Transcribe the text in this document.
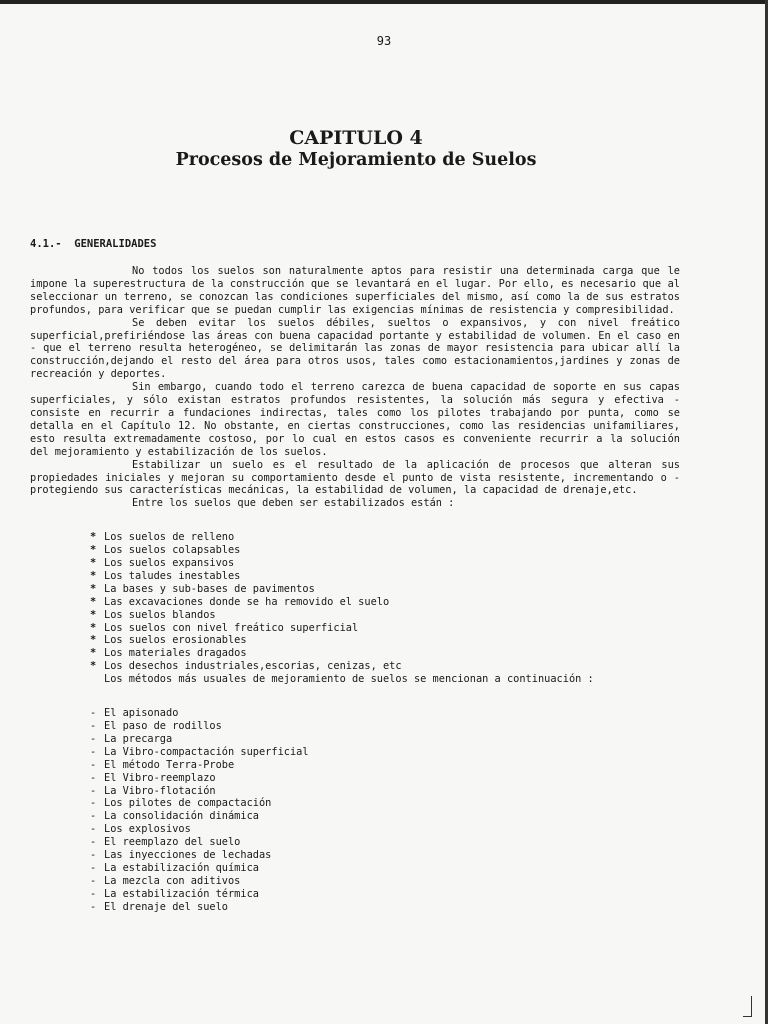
93
CAPITULO 4
Procesos de Mejoramiento de Suelos
4.1.-  GENERALIDADES

No todos los suelos son naturalmente aptos para resistir una determinada carga que le impone la superestructura de la construcción que se levantará en el lugar. Por ello, es necesario que al seleccionar un terreno, se conozcan las condiciones superficiales del mismo, así como la de sus estratos profundos, para verificar que se puedan cumplir las exigencias mínimas de resistencia y compresibilidad.

Se deben evitar los suelos débiles, sueltos o expansivos, y con nivel freático superficial,prefiriéndose las áreas con buena capacidad portante y estabilidad de volumen. En el caso en - que el terreno resulta heterogéneo, se delimitarán las zonas de mayor resistencia para ubicar allí la construcción,dejando el resto del área para otros usos, tales como estacionamientos,jardines y zonas de recreación y deportes.

Sin embargo, cuando todo el terreno carezca de buena capacidad de soporte en sus capas superficiales, y sólo existan estratos profundos resistentes, la solución más segura y efectiva - consiste en recurrir a fundaciones indirectas, tales como los pilotes trabajando por punta, como se detalla en el Capítulo 12. No obstante, en ciertas construcciones, como las residencias unifamiliares, esto resulta extremadamente costoso, por lo cual en estos casos es conveniente recurrir a la solución del mejoramiento y estabilización de los suelos.

Estabilizar un suelo es el resultado de la aplicación de procesos que alteran sus propiedades iniciales y mejoran su comportamiento desde el punto de vista resistente, incrementando o - protegiendo sus características mecánicas, la estabilidad de volumen, la capacidad de drenaje,etc.

Entre los suelos que deben ser estabilizados están :

* Los suelos de relleno
* Los suelos colapsables
* Los suelos expansivos
* Los taludes inestables
* La bases y sub-bases de pavimentos
* Las excavaciones donde se ha removido el suelo
* Los suelos blandos
* Los suelos con nivel freático superficial
* Los suelos erosionables
* Los materiales dragados
* Los desechos industriales,escorias, cenizas, etc

Los métodos más usuales de mejoramiento de suelos se mencionan a continuación :

- El apisonado
- El paso de rodillos
- La precarga
- La Vibro-compactación superficial
- El método Terra-Probe
- El Vibro-reemplazo
- La Vibro-flotación
- Los pilotes de compactación
- La consolidación dinámica
- Los explosivos
- El reemplazo del suelo
- Las inyecciones de lechadas
- La estabilización química
- La mezcla con aditivos
- La estabilización térmica
- El drenaje del suelo
